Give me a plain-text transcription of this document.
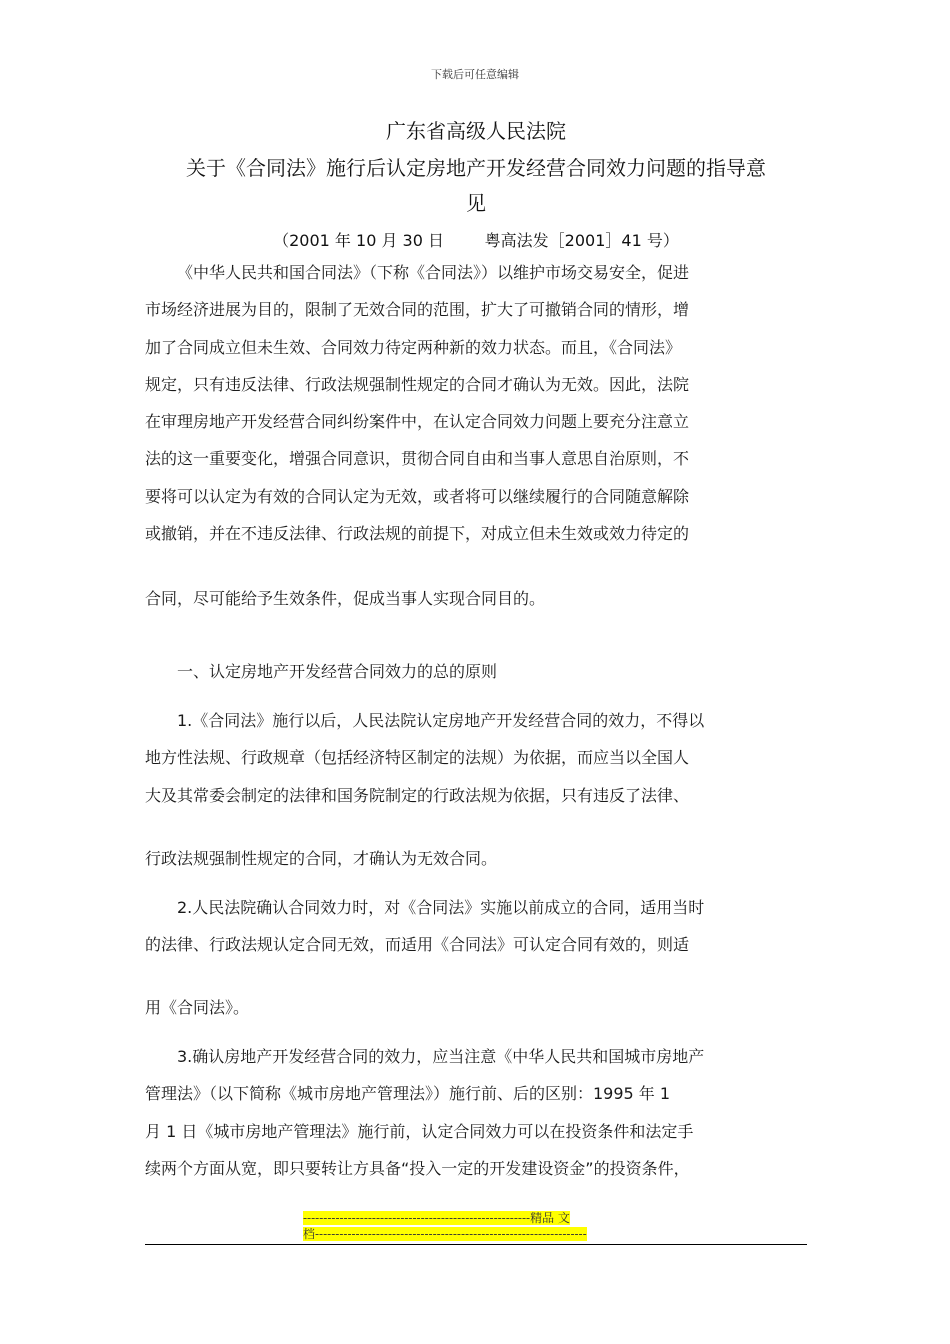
下载后可任意编辑
广东省高级人民法院
关于《合同法》施行后认定房地产开发经营合同效力问题的指导意
见
（2001 年 10 月 30 日        粤高法发［2001］41 号）
《中华人民共和国合同法》（下称《合同法》）以维护市场交易安全，促进
市场经济进展为目的，限制了无效合同的范围，扩大了可撤销合同的情形，增
加了合同成立但未生效、合同效力待定两种新的效力状态。而且，《合同法》
规定，只有违反法律、行政法规强制性规定的合同才确认为无效。因此，法院
在审理房地产开发经营合同纠纷案件中，在认定合同效力问题上要充分注意立
法的这一重要变化，增强合同意识，贯彻合同自由和当事人意思自治原则，不
要将可以认定为有效的合同认定为无效，或者将可以继续履行的合同随意解除
或撤销，并在不违反法律、行政法规的前提下，对成立但未生效或效力待定的
合同，尽可能给予生效条件，促成当事人实现合同目的。
一、认定房地产开发经营合同效力的总的原则
1.《合同法》施行以后，人民法院认定房地产开发经营合同的效力，不得以
地方性法规、行政规章（包括经济特区制定的法规）为依据，而应当以全国人
大及其常委会制定的法律和国务院制定的行政法规为依据，只有违反了法律、
行政法规强制性规定的合同，才确认为无效合同。
2.人民法院确认合同效力时，对《合同法》实施以前成立的合同，适用当时
的法律、行政法规认定合同无效，而适用《合同法》可认定合同有效的，则适
用《合同法》。
3.确认房地产开发经营合同的效力，应当注意《中华人民共和国城市房地产
管理法》（以下简称《城市房地产管理法》）施行前、后的区别：1995 年 1
月 1 日《城市房地产管理法》施行前，认定合同效力可以在投资条件和法定手
续两个方面从宽，即只要转让方具备“投入一定的开发建设资金”的投资条件，
--------------------------------------------------------精品 文
档-------------------------------------------------------------------
